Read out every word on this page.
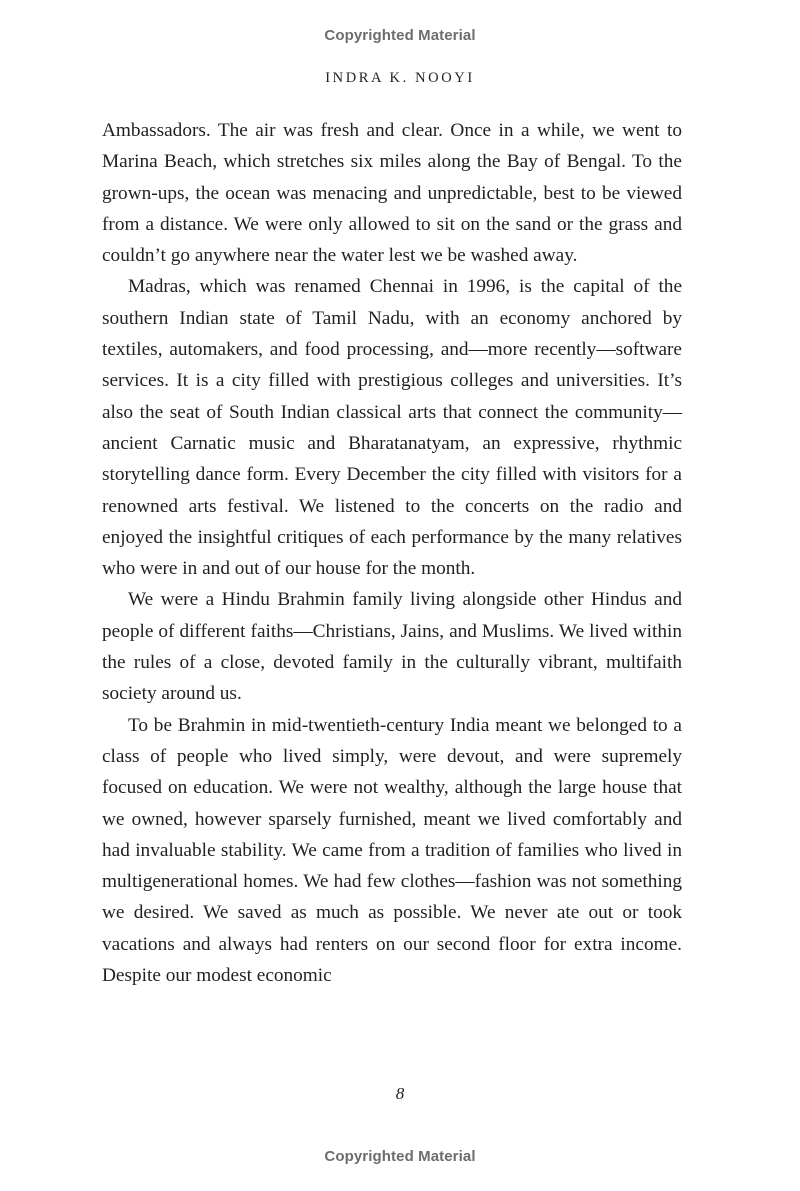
Copyrighted Material
INDRA K. NOOYI

Ambassadors. The air was fresh and clear. Once in a while, we went to Marina Beach, which stretches six miles along the Bay of Bengal. To the grown-ups, the ocean was menacing and unpredictable, best to be viewed from a distance. We were only allowed to sit on the sand or the grass and couldn’t go anywhere near the water lest we be washed away.

Madras, which was renamed Chennai in 1996, is the capital of the southern Indian state of Tamil Nadu, with an economy anchored by textiles, automakers, and food processing, and—more recently—software services. It is a city filled with prestigious colleges and universities. It’s also the seat of South Indian classical arts that connect the community—ancient Carnatic music and Bharatanatyam, an expressive, rhythmic storytelling dance form. Every December the city filled with visitors for a renowned arts festival. We listened to the concerts on the radio and enjoyed the insightful critiques of each performance by the many relatives who were in and out of our house for the month.

We were a Hindu Brahmin family living alongside other Hindus and people of different faiths—Christians, Jains, and Muslims. We lived within the rules of a close, devoted family in the culturally vibrant, multifaith society around us.

To be Brahmin in mid-twentieth-century India meant we belonged to a class of people who lived simply, were devout, and were supremely focused on education. We were not wealthy, although the large house that we owned, however sparsely furnished, meant we lived comfortably and had invaluable stability. We came from a tradition of families who lived in multigenerational homes. We had few clothes—fashion was not something we desired. We saved as much as possible. We never ate out or took vacations and always had renters on our second floor for extra income. Despite our modest economic

8
Copyrighted Material
